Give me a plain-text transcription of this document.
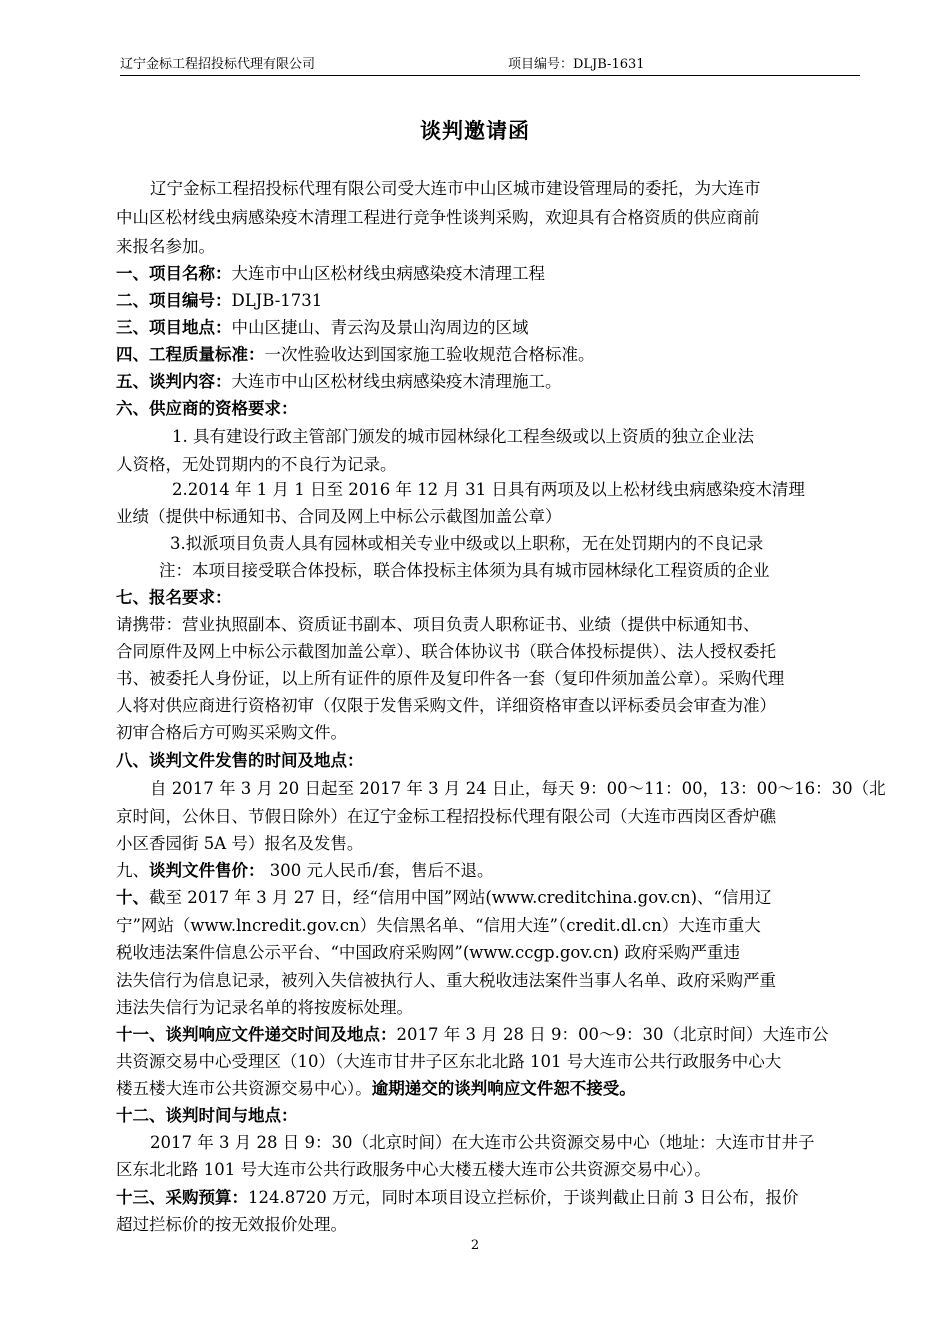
辽宁金标工程招投标代理有限公司	项目编号：DLJB-1631
谈判邀请函
辽宁金标工程招投标代理有限公司受大连市中山区城市建设管理局的委托，为大连市
中山区松材线虫病感染疫木清理工程进行竞争性谈判采购，欢迎具有合格资质的供应商前
来报名参加。
一、项目名称：大连市中山区松材线虫病感染疫木清理工程
二、项目编号：DLJB-1731
三、项目地点：中山区捷山、青云沟及景山沟周边的区域
四、工程质量标准：一次性验收达到国家施工验收规范合格标准。
五、谈判内容：大连市中山区松材线虫病感染疫木清理施工。
六、供应商的资格要求：
1. 具有建设行政主管部门颁发的城市园林绿化工程叁级或以上资质的独立企业法
人资格，无处罚期内的不良行为记录。
2.2014 年 1 月 1 日至 2016 年 12 月 31 日具有两项及以上松材线虫病感染疫木清理
业绩（提供中标通知书、合同及网上中标公示截图加盖公章）
3.拟派项目负责人具有园林或相关专业中级或以上职称，无在处罚期内的不良记录
注：本项目接受联合体投标，联合体投标主体须为具有城市园林绿化工程资质的企业
七、报名要求：
请携带：营业执照副本、资质证书副本、项目负责人职称证书、业绩（提供中标通知书、
合同原件及网上中标公示截图加盖公章）、联合体协议书（联合体投标提供）、法人授权委托
书、被委托人身份证，以上所有证件的原件及复印件各一套（复印件须加盖公章）。采购代理
人将对供应商进行资格初审（仅限于发售采购文件，详细资格审查以评标委员会审查为准）
初审合格后方可购买采购文件。
八、谈判文件发售的时间及地点：
自 2017 年 3 月 20 日起至 2017 年 3 月 24 日止，每天 9：00～11：00，13：00～16：30（北
京时间，公休日、节假日除外）在辽宁金标工程招投标代理有限公司（大连市西岗区香炉礁
小区香园街 5A 号）报名及发售。
九、谈判文件售价： 300 元人民币/套，售后不退。
十、截至 2017 年 3 月 27 日，经“信用中国”网站(www.creditchina.gov.cn)、“信用辽
宁”网站（www.lncredit.gov.cn）失信黑名单、“信用大连”（credit.dl.cn）大连市重大
税收违法案件信息公示平台、“中国政府采购网”(www.ccgp.gov.cn) 政府采购严重违
法失信行为信息记录，被列入失信被执行人、重大税收违法案件当事人名单、政府采购严重
违法失信行为记录名单的将按废标处理。
十一、谈判响应文件递交时间及地点：2017 年 3 月 28 日 9：00～9：30（北京时间）大连市公
共资源交易中心受理区（10）（大连市甘井子区东北北路 101 号大连市公共行政服务中心大
楼五楼大连市公共资源交易中心）。逾期递交的谈判响应文件恕不接受。
十二、谈判时间与地点：
2017 年 3 月 28 日 9：30（北京时间）在大连市公共资源交易中心（地址：大连市甘井子
区东北北路 101 号大连市公共行政服务中心大楼五楼大连市公共资源交易中心）。
十三、采购预算：124.8720 万元，同时本项目设立拦标价，于谈判截止日前 3 日公布，报价
超过拦标价的按无效报价处理。
2
